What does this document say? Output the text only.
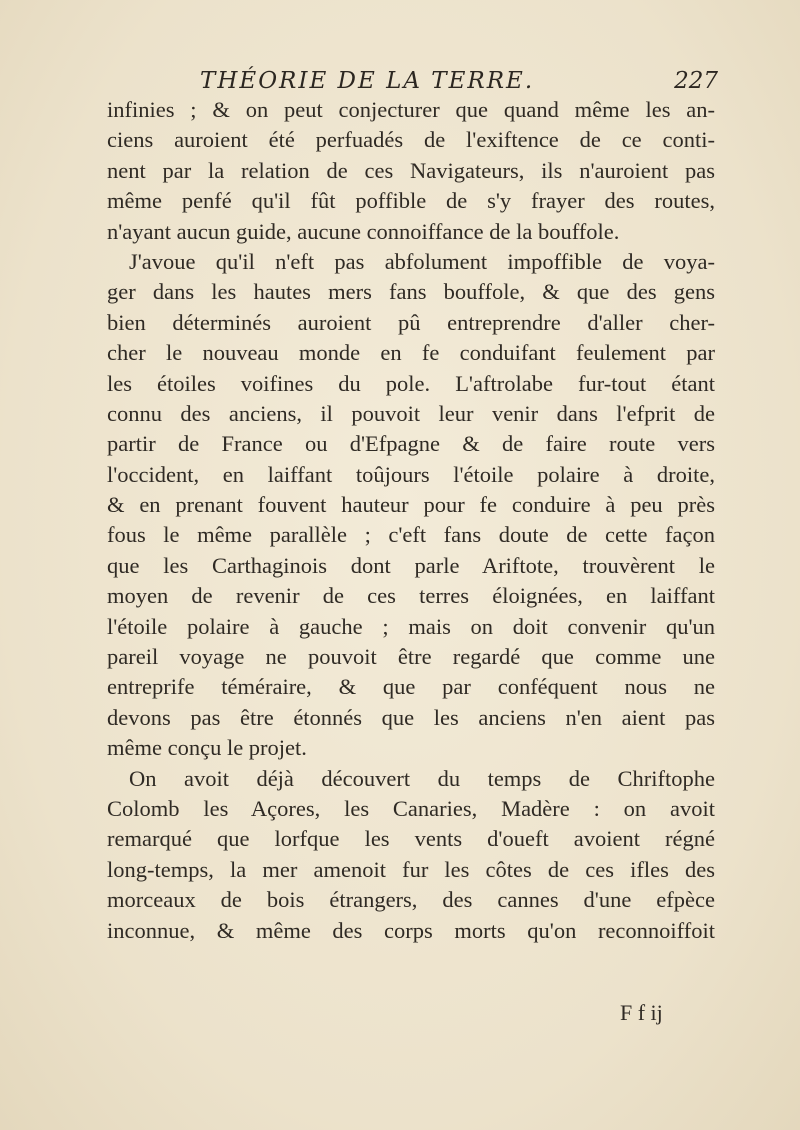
THÉORIE DE LA TERRE.	227
infinies ; & on peut conjecturer que quand même les an-
ciens auroient été perfuadés de l'exiftence de ce conti-
nent par la relation de ces Navigateurs, ils n'auroient pas
même penfé qu'il fût poffible de s'y frayer des routes,
n'ayant aucun guide, aucune connoiffance de la bouffole.
J'avoue qu'il n'eft pas abfolument impoffible de voya-
ger dans les hautes mers fans bouffole, & que des gens
bien déterminés auroient pû entreprendre d'aller cher-
cher le nouveau monde en fe conduifant feulement par
les étoiles voifines du pole. L'aftrolabe fur-tout étant
connu des anciens, il pouvoit leur venir dans l'efprit de
partir de France ou d'Efpagne & de faire route vers
l'occident, en laiffant toûjours l'étoile polaire à droite,
& en prenant fouvent hauteur pour fe conduire à peu près
fous le même parallèle ; c'eft fans doute de cette façon
que les Carthaginois dont parle Ariftote, trouvèrent le
moyen de revenir de ces terres éloignées, en laiffant
l'étoile polaire à gauche ; mais on doit convenir qu'un
pareil voyage ne pouvoit être regardé que comme une
entreprife téméraire, & que par conféquent nous ne
devons pas être étonnés que les anciens n'en aient pas
même conçu le projet.
On avoit déjà découvert du temps de Chriftophe
Colomb les Açores, les Canaries, Madère : on avoit
remarqué que lorfque les vents d'oueft avoient régné
long-temps, la mer amenoit fur les côtes de ces ifles des
morceaux de bois étrangers, des cannes d'une efpèce
inconnue, & même des corps morts qu'on reconnoiffoit
F f ij
